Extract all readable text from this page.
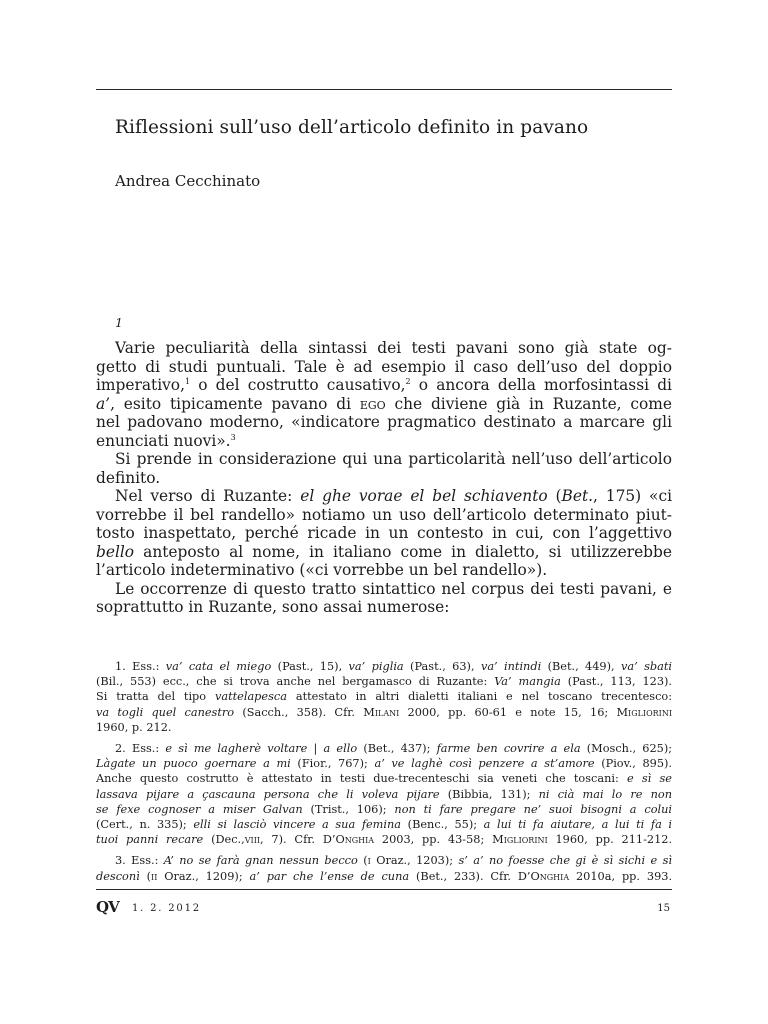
Riflessioni sull’uso dell’articolo definito in pavano
Andrea Cecchinato
1
Varie peculiarità della sintassi dei testi pavani sono già state og-
getto di studi puntuali. Tale è ad esempio il caso dell’uso del doppio
imperativo,$^1$ o del costrutto causativo,$^2$ o ancora della morfosintassi di
a’, esito tipicamente pavano di ego che diviene già in Ruzante, come
nel padovano moderno, «indicatore pragmatico destinato a marcare gli
enunciati nuovi».$^3$
Si prende in considerazione qui una particolarità nell’uso dell’articolo
definito.
Nel verso di Ruzante: el ghe vorae el bel schiavento (Bet., 175) «ci
vorrebbe il bel randello» notiamo un uso dell’articolo determinato piut-
tosto inaspettato, perché ricade in un contesto in cui, con l’aggettivo
bello anteposto al nome, in italiano come in dialetto, si utilizzerebbe
l’articolo indeterminativo («ci vorrebbe un bel randello»).
Le occorrenze di questo tratto sintattico nel corpus dei testi pavani, e
soprattutto in Ruzante, sono assai numerose:
1. Ess.: va’ cata el miego (Past., 15), va’ piglia (Past., 63), va’ intindi (Bet., 449), va’ sbati
(Bil., 553) ecc., che si trova anche nel bergamasco di Ruzante: Va’ mangia (Past., 113, 123).
Si tratta del tipo vattelapesca attestato in altri dialetti italiani e nel toscano trecentesco:
va togli quel canestro (Sacch., 358). Cfr. Milani 2000, pp. 60-61 e note 15, 16; Migliorini
1960, p. 212.
2. Ess.: e sì me lagherè voltare | a ello (Bet., 437); farme ben covrire a ela (Mosch., 625);
Làgate un puoco goernare a mi (Fior., 767); a’ ve laghè così penzere a st’amore (Piov., 895).
Anche questo costrutto è attestato in testi due-trecenteschi sia veneti che toscani: e sì se
lassava pijare a çascauna persona che li voleva pijare (Bibbia, 131); ni cià mai lo re non
se fexe cognoser a miser Galvan (Trist., 106); non ti fare pregare ne’ suoi bisogni a colui
(Cert., n. 335); elli si lasciò vincere a sua femina (Benc., 55); a lui ti fa aiutare, a lui ti fa i
tuoi panni recare (Dec.,viii, 7). Cfr. D’Onghia 2003, pp. 43-58; Migliorini 1960, pp. 211-212.
3. Ess.: A’ no se farà gnan nessun becco (i Oraz., 1203); s’ a’ no foesse che gi è sì sichi e sì
desconì (ii Oraz., 1209); a’ par che l’ense de cuna (Bet., 233). Cfr. D’Onghia 2010a, pp. 393.
QV 1. 2. 2012	15
